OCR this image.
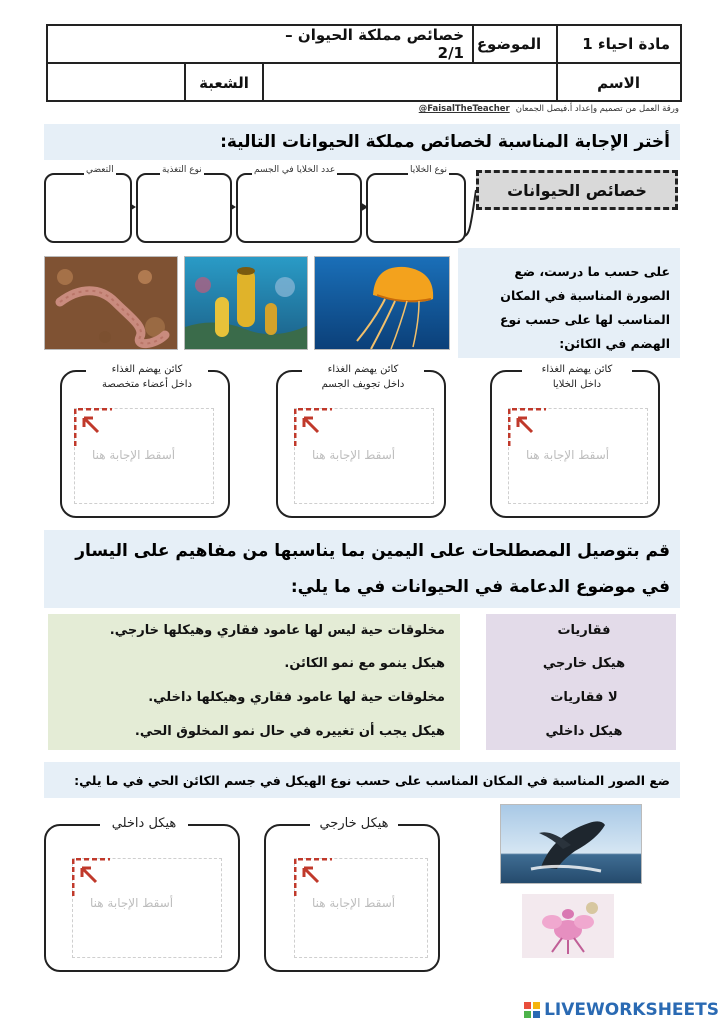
مادة احياء 1
الموضوع
خصائص مملكة الحيوان – 2/1
الاسم
الشعبة
ورقة العمل من تصميم وإعداد أ.فيصل الجمعان
@FaisalTheTeacher
أختر الإجابة المناسبة لخصائص مملكة الحيوانات التالية:
خصائص الحيوانات
نوع الخلايا
عدد الخلايا في الجسم
نوع التغذية
التعضي
على حسب ما درست، ضع الصورة المناسبة في المكان المناسب لها على حسب نوع الهضم في الكائن:
كائن يهضم الغذاء
داخل الخلايا
أسقط الإجابة هنا
كائن يهضم الغذاء
داخل تجويف الجسم
أسقط الإجابة هنا
كائن يهضم الغذاء
داخل أعضاء متخصصة
أسقط الإجابة هنا
قم بتوصيل المصطلحات على اليمين بما يناسبها من مفاهيم على اليسار
في موضوع الدعامة في الحيوانات في ما يلي:
مخلوقات حية ليس لها عامود فقاري وهيكلها خارجي.
هيكل ينمو مع نمو الكائن.
مخلوقات حية لها عامود فقاري وهيكلها داخلي.
هيكل يجب أن تغييره في حال نمو المخلوق الحي.
فقاريات
هيكل خارجي
لا فقاريات
هيكل داخلي
ضع الصور المناسبة في المكان المناسب على حسب نوع الهيكل في جسم الكائن الحي في ما يلي:
هيكل خارجي
أسقط الإجابة هنا
هيكل داخلي
أسقط الإجابة هنا
LIVEWORKSHEETS
